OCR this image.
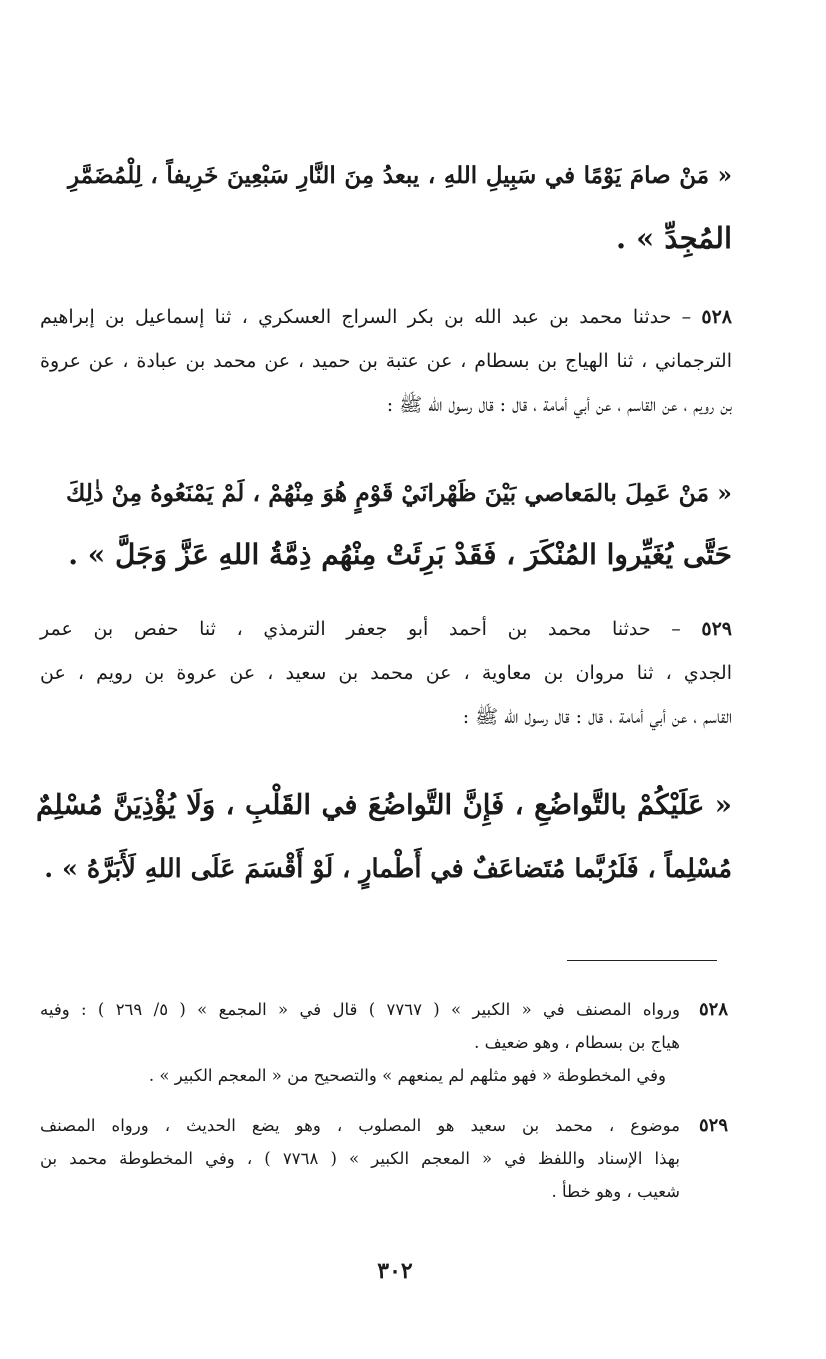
« مَنْ صامَ يَوْمًا في سَبِيلِ اللهِ ، يبعدُ مِنَ النَّارِ سَبْعِينَ خَرِيفاً ، لِلْمُضَمَّرِ
المُجِدِّ » .
٥٢٨ – حدثنا محمد بن عبد الله بن بكر السراج العسكري ، ثنا إسماعيل بن إبراهيم
الترجماني ، ثنا الهياج بن بسطام ، عن عتبة بن حميد ، عن محمد بن عبادة ، عن عروة
بن رويم ، عن القاسم ، عن أبي أمامة ، قال : قال رسول الله ﷺ :
« مَنْ عَمِلَ بالمَعاصي بَيْنَ ظَهْرانَيْ قَوْمٍ هُوَ مِنْهُمْ ، لَمْ يَمْنَعُوهُ مِنْ ذٰلِكَ
حَتَّى يُغَيِّروا المُنْكَرَ ، فَقَدْ بَرِئَتْ مِنْهُم ذِمَّةُ اللهِ عَزَّ وَجَلَّ » .
٥٢٩ – حدثنا محمد بن أحمد أبو جعفر الترمذي ، ثنا حفص بن عمر
الجدي ، ثنا مروان بن معاوية ، عن محمد بن سعيد ، عن عروة بن رويم ، عن
القاسم ، عن أبي أمامة ، قال : قال رسول الله ﷺ :
« عَلَيْكُمْ بالتَّواضُعِ ، فَإِنَّ التَّواضُعَ في القَلْبِ ، وَلَا يُؤْذِيَنَّ مُسْلِمٌ
مُسْلِماً ، فَلَرُبَّما مُتَضاعَفٌ في أَطْمارٍ ، لَوْ أَقْسَمَ عَلَى اللهِ لَأَبَرَّهُ » .
٥٢٨
ورواه المصنف في « الكبير » ( ٧٧٦٧ ) قال في « المجمع » ( ٥/ ٢٦٩ ) : وفيه
هياج بن بسطام ، وهو ضعيف .
وفي المخطوطة « فهو مثلهم لم يمنعهم » والتصحيح من « المعجم الكبير » .
٥٢٩
موضوع ، محمد بن سعيد هو المصلوب ، وهو يضع الحديث ، ورواه المصنف
بهذا الإسناد واللفظ في « المعجم الكبير » ( ٧٧٦٨ ) ، وفي المخطوطة محمد بن
شعيب ، وهو خطأ .
٣٠٢
